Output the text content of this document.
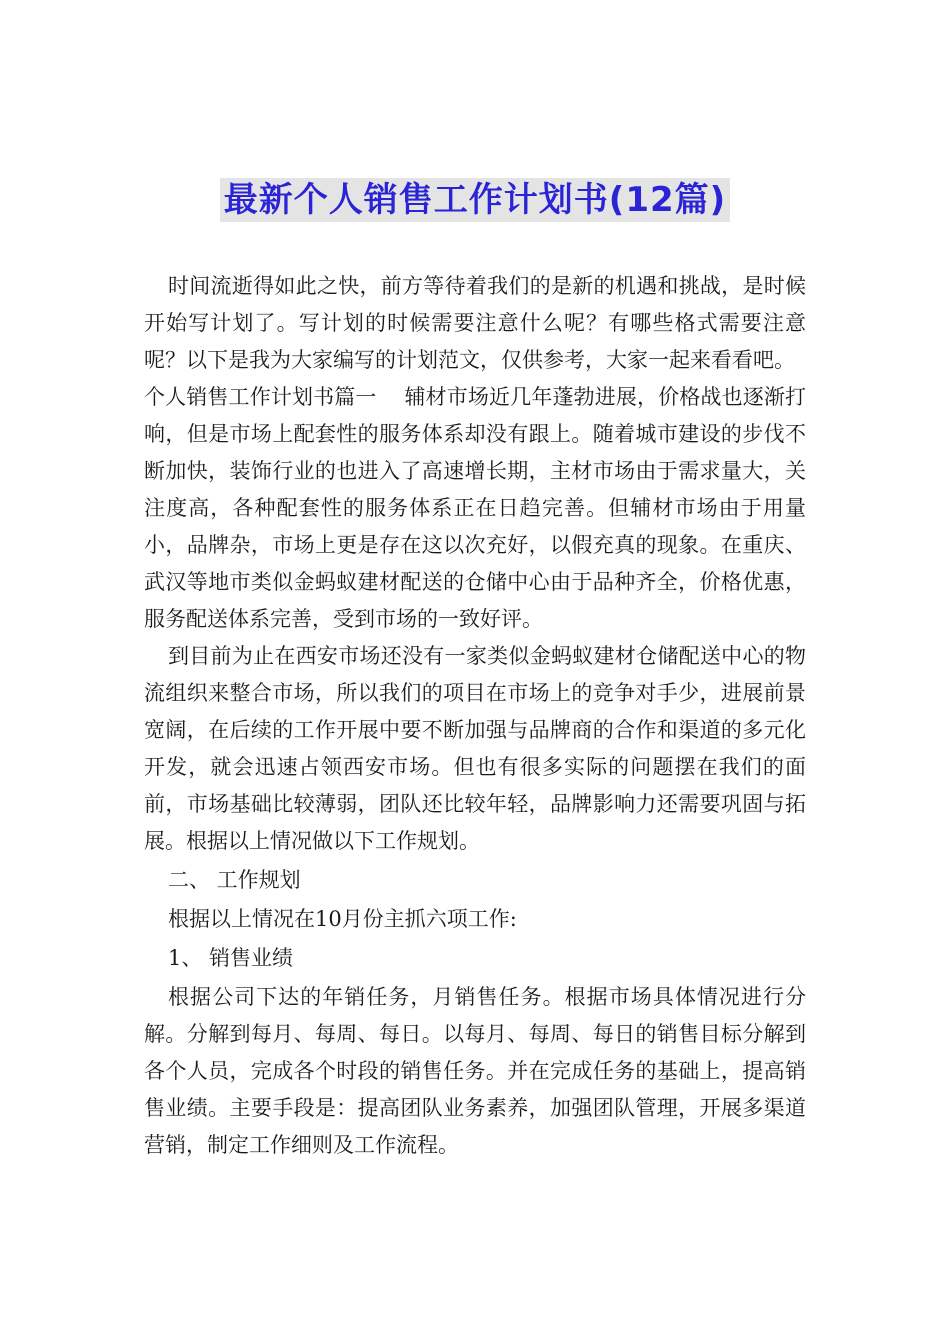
最新个人销售工作计划书(12篇)

时间流逝得如此之快，前方等待着我们的是新的机遇和挑战，是时候开始写计划了。写计划的时候需要注意什么呢？有哪些格式需要注意呢？以下是我为大家编写的计划范文，仅供参考，大家一起来看看吧。

个人销售工作计划书篇一　 辅材市场近几年蓬勃进展，价格战也逐渐打响，但是市场上配套性的服务体系却没有跟上。随着城市建设的步伐不断加快，装饰行业的也进入了高速增长期，主材市场由于需求量大，关注度高，各种配套性的服务体系正在日趋完善。但辅材市场由于用量小，品牌杂，市场上更是存在这以次充好，以假充真的现象。在重庆、武汉等地市类似金蚂蚁建材配送的仓储中心由于品种齐全，价格优惠，服务配送体系完善，受到市场的一致好评。

到目前为止在西安市场还没有一家类似金蚂蚁建材仓储配送中心的物流组织来整合市场，所以我们的项目在市场上的竞争对手少，进展前景宽阔，在后续的工作开展中要不断加强与品牌商的合作和渠道的多元化开发，就会迅速占领西安市场。但也有很多实际的问题摆在我们的面前，市场基础比较薄弱，团队还比较年轻，品牌影响力还需要巩固与拓展。根据以上情况做以下工作规划。

二、 工作规划

根据以上情况在10月份主抓六项工作:

1、 销售业绩

根据公司下达的年销任务，月销售任务。根据市场具体情况进行分解。分解到每月、每周、每日。以每月、每周、每日的销售目标分解到各个人员，完成各个时段的销售任务。并在完成任务的基础上，提高销售业绩。主要手段是：提高团队业务素养，加强团队管理，开展多渠道营销，制定工作细则及工作流程。
